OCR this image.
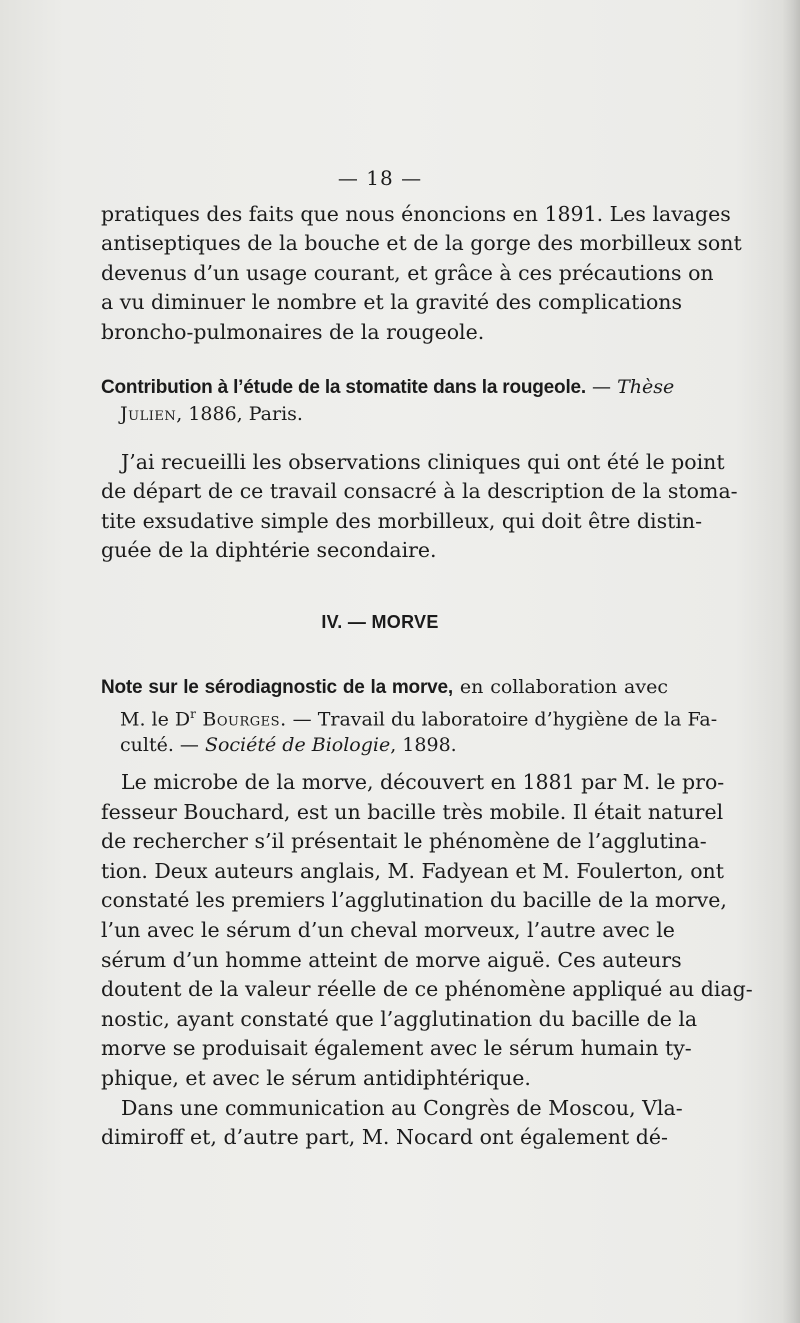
— 18 —
pratiques des faits que nous énoncions en 1891. Les lavages
antiseptiques de la bouche et de la gorge des morbilleux sont
devenus d’un usage courant, et grâce à ces précautions on
a vu diminuer le nombre et la gravité des complications
broncho-pulmonaires de la rougeole.
Contribution à l’étude de la stomatite dans la rougeole. — Thèse
Julien, 1886, Paris.
J’ai recueilli les observations cliniques qui ont été le point
de départ de ce travail consacré à la description de la stoma-
tite exsudative simple des morbilleux, qui doit être distin-
guée de la diphtérie secondaire.
IV. — MORVE
Note sur le sérodiagnostic de la morve, en collaboration avec
M. le $D^r$ Bourges. — Travail du laboratoire d’hygiène de la Fa-
culté. — Société de Biologie, 1898.
Le microbe de la morve, découvert en 1881 par M. le pro-
fesseur Bouchard, est un bacille très mobile. Il était naturel
de rechercher s’il présentait le phénomène de l’agglutina-
tion. Deux auteurs anglais, M. Fadyean et M. Foulerton, ont
constaté les premiers l’agglutination du bacille de la morve,
l’un avec le sérum d’un cheval morveux, l’autre avec le
sérum d’un homme atteint de morve aiguë. Ces auteurs
doutent de la valeur réelle de ce phénomène appliqué au diag-
nostic, ayant constaté que l’agglutination du bacille de la
morve se produisait également avec le sérum humain ty-
phique, et avec le sérum antidiphtérique.
Dans une communication au Congrès de Moscou, Vla-
dimiroff et, d’autre part, M. Nocard ont également dé-
